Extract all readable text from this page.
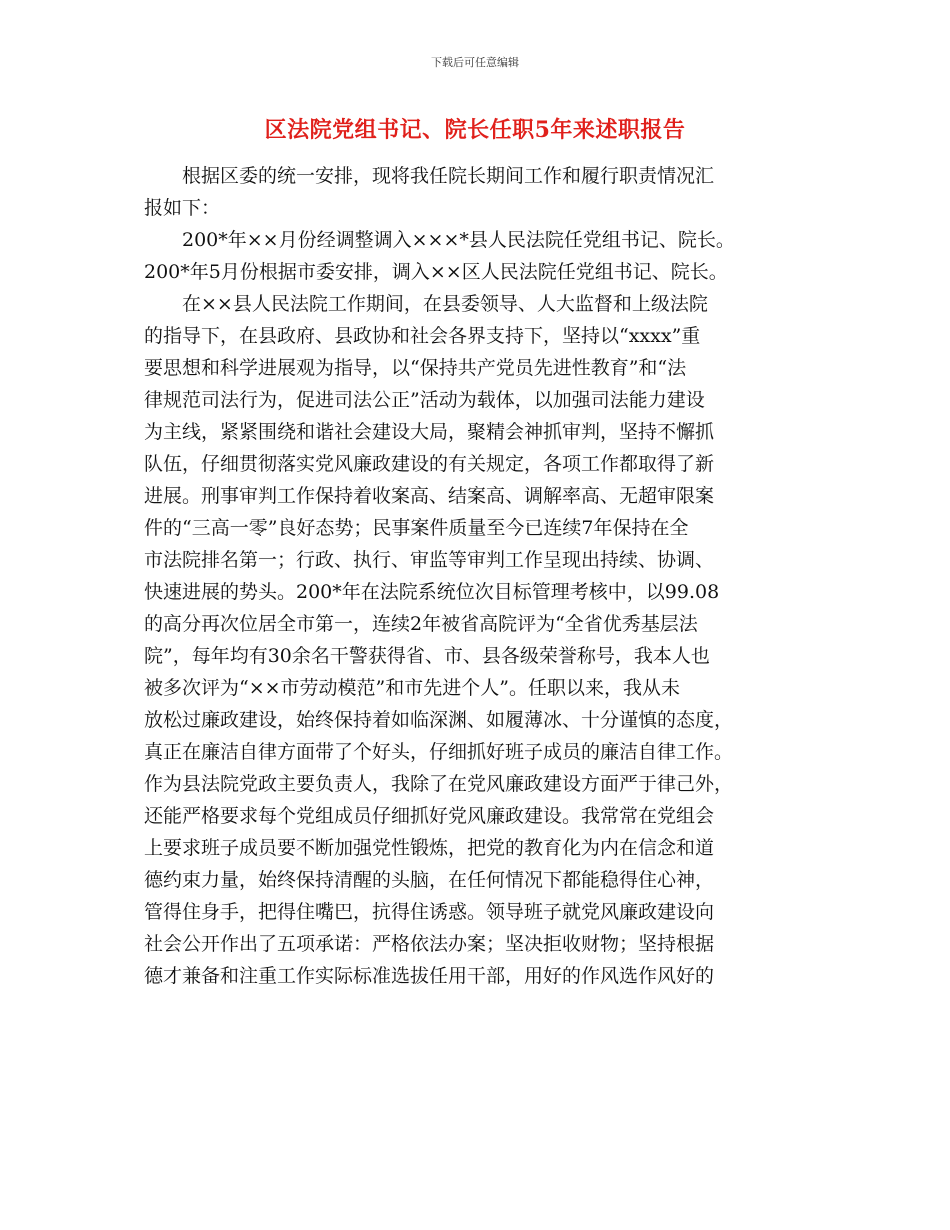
下载后可任意编辑
区法院党组书记、院长任职5年来述职报告
　　根据区委的统一安排，现将我任院长期间工作和履行职责情况汇
报如下：
　　200*年××月份经调整调入×××*县人民法院任党组书记、院长。
200*年5月份根据市委安排，调入××区人民法院任党组书记、院长。
　　在××县人民法院工作期间，在县委领导、人大监督和上级法院
的指导下，在县政府、县政协和社会各界支持下，坚持以“xxxx”重
要思想和科学进展观为指导，以“保持共产党员先进性教育”和“法
律规范司法行为，促进司法公正”活动为载体，以加强司法能力建设
为主线，紧紧围绕和谐社会建设大局，聚精会神抓审判，坚持不懈抓
队伍，仔细贯彻落实党风廉政建设的有关规定，各项工作都取得了新
进展。刑事审判工作保持着收案高、结案高、调解率高、无超审限案
件的“三高一零”良好态势；民事案件质量至今已连续7年保持在全
市法院排名第一；行政、执行、审监等审判工作呈现出持续、协调、
快速进展的势头。200*年在法院系统位次目标管理考核中，以99.08
的高分再次位居全市第一，连续2年被省高院评为“全省优秀基层法
院”，每年均有30余名干警获得省、市、县各级荣誉称号，我本人也
被多次评为“××市劳动模范”和市先进个人”。任职以来，我从未
放松过廉政建设，始终保持着如临深渊、如履薄冰、十分谨慎的态度，
真正在廉洁自律方面带了个好头，仔细抓好班子成员的廉洁自律工作。
作为县法院党政主要负责人，我除了在党风廉政建设方面严于律己外，
还能严格要求每个党组成员仔细抓好党风廉政建设。我常常在党组会
上要求班子成员要不断加强党性锻炼，把党的教育化为内在信念和道
德约束力量，始终保持清醒的头脑，在任何情况下都能稳得住心神，
管得住身手，把得住嘴巴，抗得住诱惑。领导班子就党风廉政建设向
社会公开作出了五项承诺：严格依法办案；坚决拒收财物；坚持根据
德才兼备和注重工作实际标准选拔任用干部，用好的作风选作风好的
